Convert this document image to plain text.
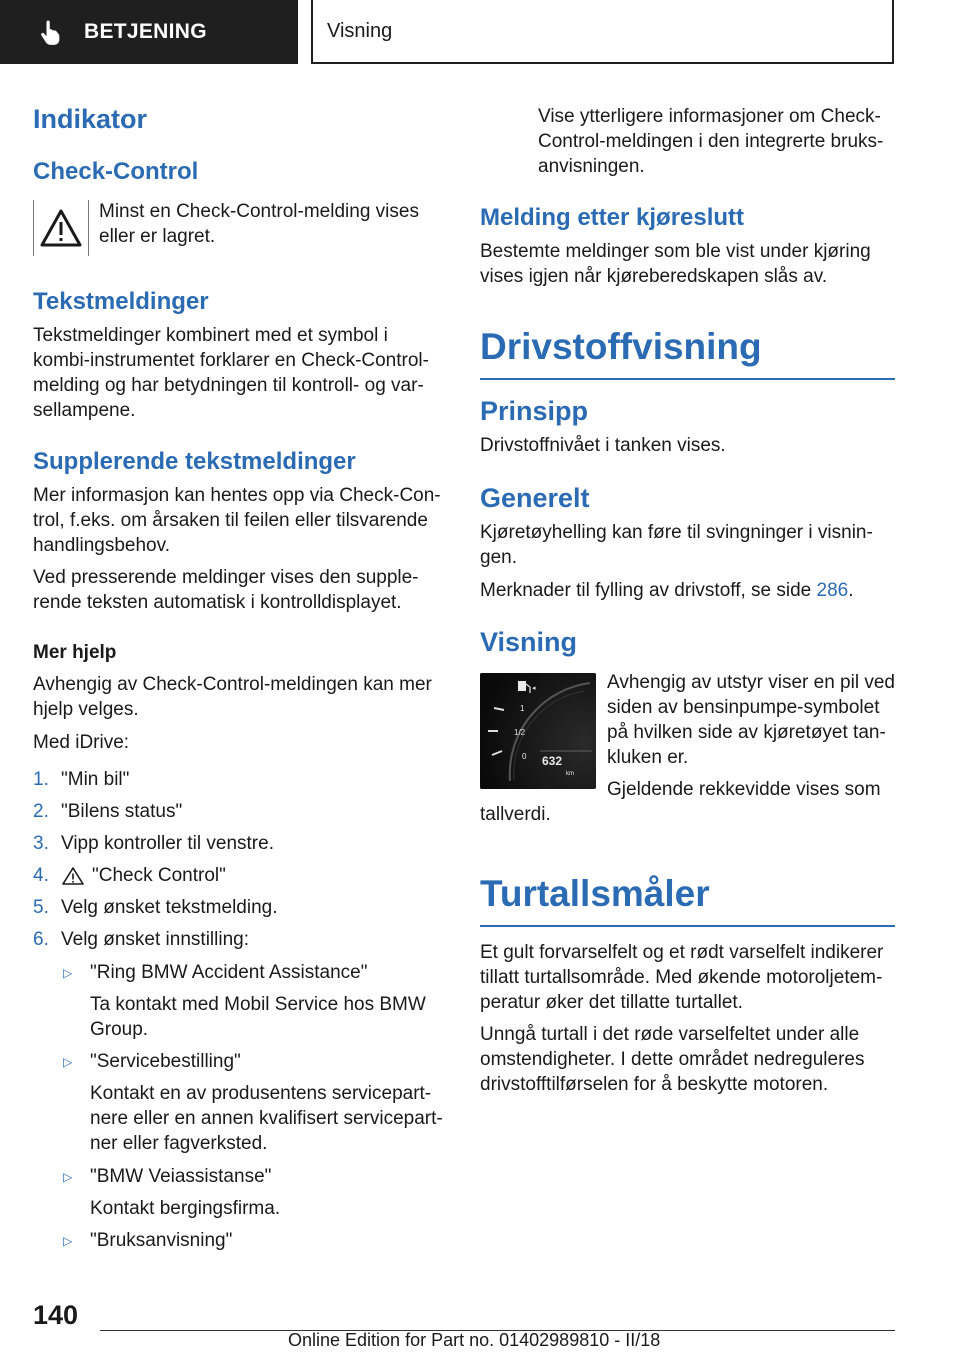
BETJENING	Visning
Indikator
Check-Control

Minst en Check-Control-melding vises
eller er lagret.

Tekstmeldinger

Tekstmeldinger kombinert med et symbol i
kombi-instrumentet forklarer en Check-Control-
melding og har betydningen til kontroll- og var-
sellampene.

Supplerende tekstmeldinger

Mer informasjon kan hentes opp via Check-Con-
trol, f.eks. om årsaken til feilen eller tilsvarende
handlingsbehov.

Ved presserende meldinger vises den supple-
rende teksten automatisk i kontrolldisplayet.

Mer hjelp

Avhengig av Check-Control-meldingen kan mer
hjelp velges.

Med iDrive:

1. "Min bil"
2. "Bilens status"
3. Vipp kontroller til venstre.
4. "Check Control"
5. Velg ønsket tekstmelding.
6. Velg ønsket innstilling:
▷ "Ring BMW Accident Assistance"

Ta kontakt med Mobil Service hos BMW
Group.

▷ "Servicebestilling"

Kontakt en av produsentens servicepart-
nere eller en annen kvalifisert servicepart-
ner eller fagverksted.

▷ "BMW Veiassistanse"

Kontakt bergingsfirma.

▷ "Bruksanvisning"

Vise ytterligere informasjoner om Check-
Control-meldingen i den integrerte bruks-
anvisningen.

Melding etter kjøreslutt

Bestemte meldinger som ble vist under kjøring
vises igjen når kjøreberedskapen slås av.

Drivstoffvisning
Prinsipp

Drivstoffnivået i tanken vises.

Generelt

Kjøretøyhelling kan føre til svingninger i visnin-
gen.

Merknader til fylling av drivstoff, se side 286.

Visning
◂
1
1/2
0 632
km

Avhengig av utstyr viser en pil ved
siden av bensinpumpe-symbolet
på hvilken side av kjøretøyet tan-
kluken er.

Gjeldende rekkevidde vises som

tallverdi.

Turtallsmåler

Et gult forvarselfelt og et rødt varselfelt indikerer
tillatt turtallsområde. Med økende motoroljetem-
peratur øker det tillatte turtallet.

Unngå turtall i det røde varselfeltet under alle
omstendigheter. I dette området nedreguleres
drivstofftilførselen for å beskytte motoren.

140
Online Edition for Part no. 01402989810 - II/18
